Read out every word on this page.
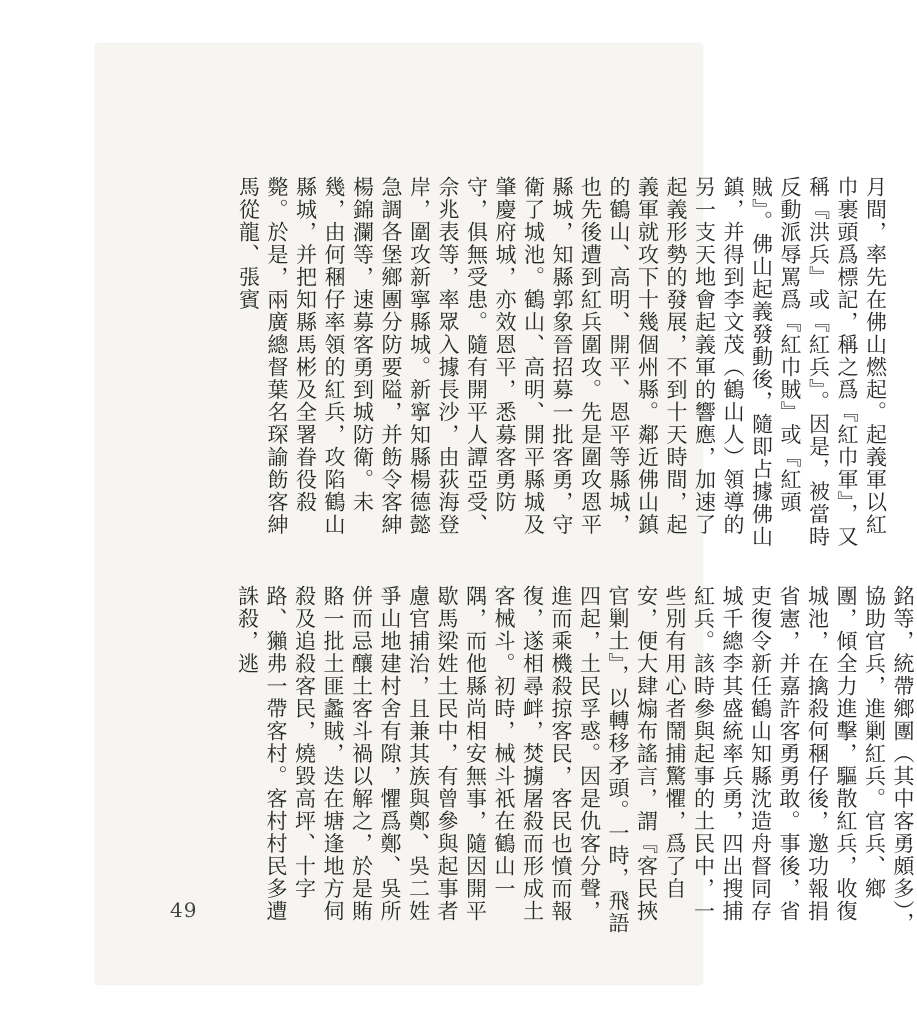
月間，率先在佛山燃起。起義軍以紅巾裹頭爲標記，稱之爲『紅巾軍』，又稱『洪兵』或『紅兵』。因是，被當時反動派辱罵爲『紅巾賊』或『紅頭賊』。佛山起義發動後，隨即占據佛山鎮，并得到李文茂（鶴山人）領導的另一支天地會起義軍的響應，加速了起義形勢的發展，不到十天時間，起義軍就攻下十幾個州縣。鄰近佛山鎮的鶴山、高明、開平、恩平等縣城，也先後遭到紅兵圍攻。先是圍攻恩平縣城，知縣郭象晉招募一批客勇，守衛了城池。鶴山、高明、開平縣城及肇慶府城，亦效恩平，悉募客勇防守，俱無受患。隨有開平人譚亞受、佘兆表等，率眾入據長沙，由荻海登岸，圍攻新寧縣城。新寧知縣楊德懿急調各堡鄉團分防要隘，并飭令客紳楊錦瀾等，速募客勇到城防衛。未幾，由何稛仔率領的紅兵，攻陷鶴山縣城，并把知縣馬彬及全署眷役殺斃。於是，兩廣總督葉名琛諭飭客紳馬從龍、張賓

銘等，統帶鄉團（其中客勇頗多），協助官兵，進剿紅兵。官兵、鄉團，傾全力進擊，驅散紅兵，收復城池，在擒殺何稛仔後，邀功報捐省憲，并嘉許客勇勇敢。事後，省吏復令新任鶴山知縣沈造舟督同存城千總李其盛統率兵勇，四出搜捕紅兵。該時參與起事的土民中，一些別有用心者鬧捕驚懼，爲了自安，便大肆煽布謠言，謂『客民挾官剿土』，以轉移矛頭。一時，飛語四起，土民孚惑。因是仇客分聲，進而乘機殺掠客民，客民也憤而報復，遂相尋衅，焚擄屠殺而形成土客械斗。初時，械斗祇在鶴山一隅，而他縣尚相安無事，隨因開平歇馬梁姓土民中，有曾參與起事者慮官捕治，且兼其族與鄭、吳二姓爭山地建村舍有隙，懼爲鄭、吳所併而忌釀土客斗禍以解之，於是賄賂一批土匪蠡賊，迭在塘逢地方伺殺及追殺客民，燒毀高坪、十字路、獺弗一帶客村。客村村民多遭誅殺，逃

49
